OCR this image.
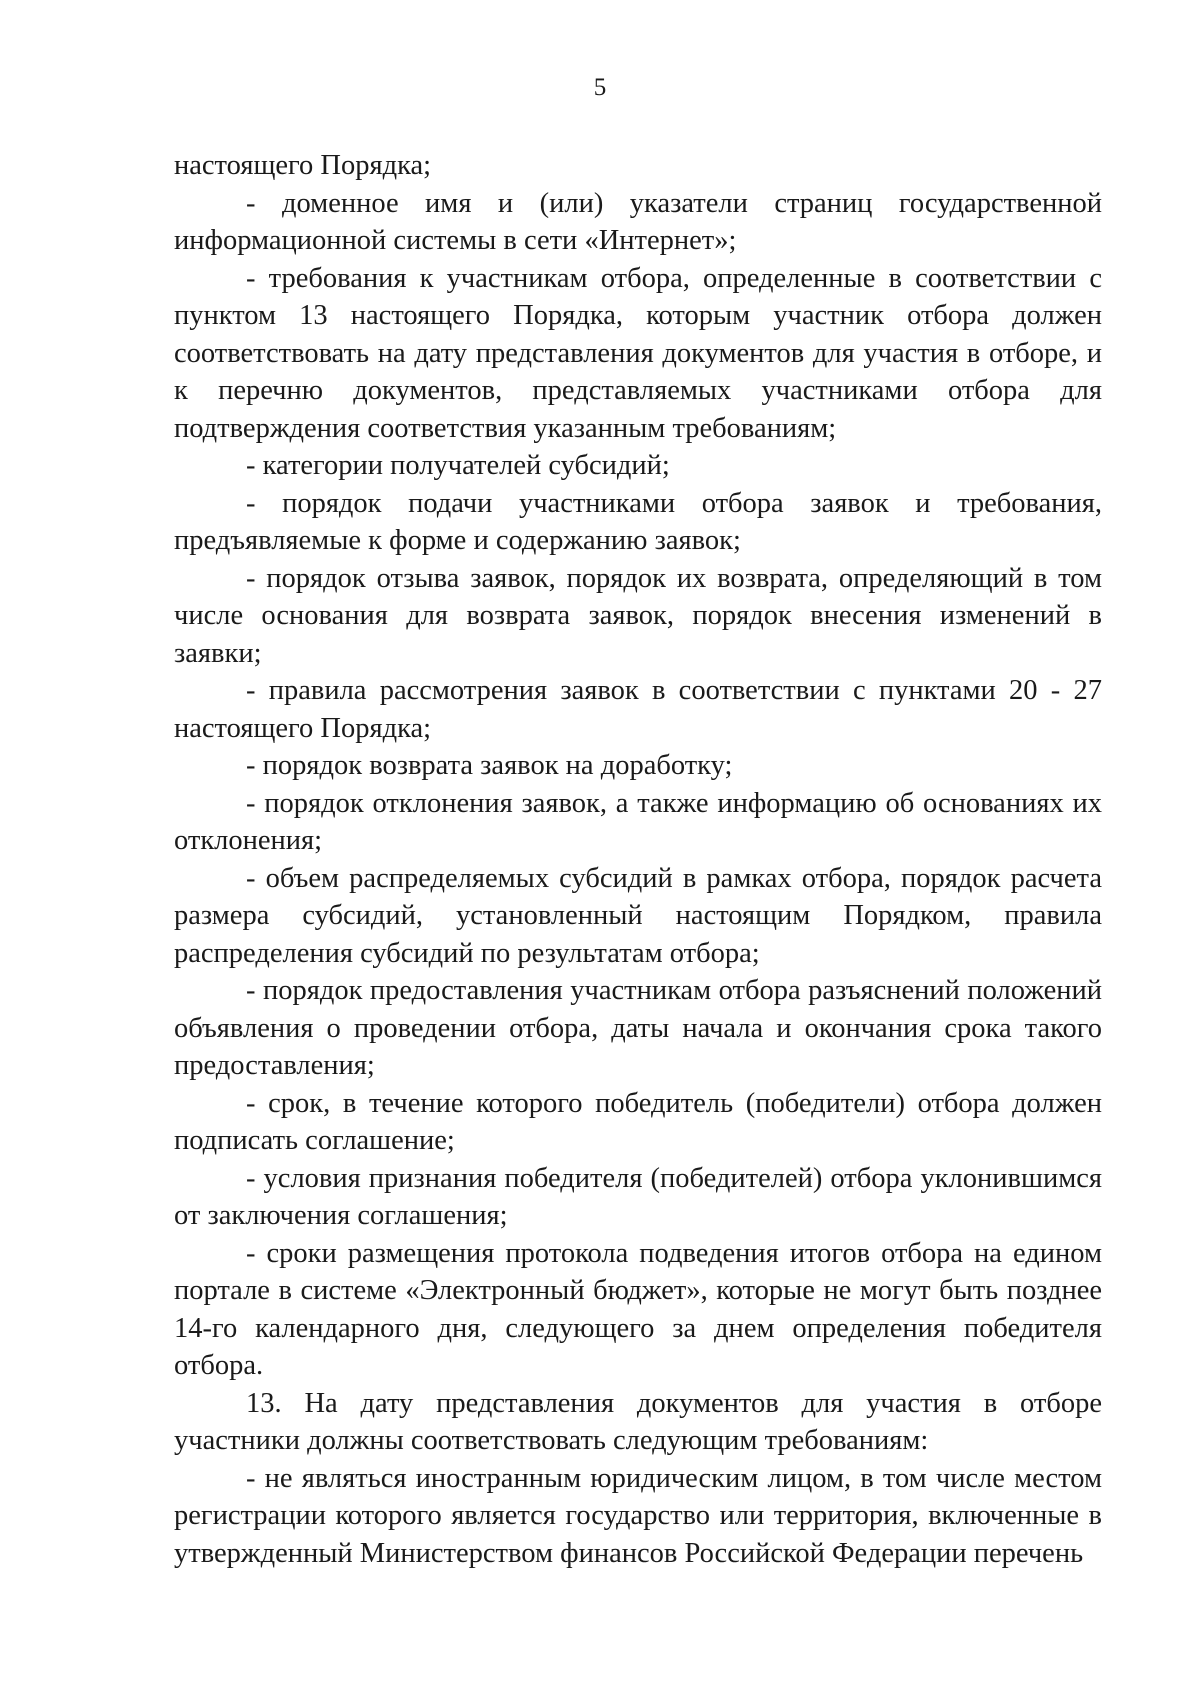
5

настоящего Порядка;

- доменное имя и (или) указатели страниц государственной информационной системы в сети «Интернет»;

- требования к участникам отбора, определенные в соответствии с пунктом 13 настоящего Порядка, которым участник отбора должен соответствовать на дату представления документов для участия в отборе, и к перечню документов, представляемых участниками отбора для подтверждения соответствия указанным требованиям;

- категории получателей субсидий;

- порядок подачи участниками отбора заявок и требования, предъявляемые к форме и содержанию заявок;

- порядок отзыва заявок, порядок их возврата, определяющий в том числе основания для возврата заявок, порядок внесения изменений в заявки;

- правила рассмотрения заявок в соответствии с пунктами 20 - 27 настоящего Порядка;

- порядок возврата заявок на доработку;

- порядок отклонения заявок, а также информацию об основаниях их отклонения;

- объем распределяемых субсидий в рамках отбора, порядок расчета размера субсидий, установленный настоящим Порядком, правила распределения субсидий по результатам отбора;

- порядок предоставления участникам отбора разъяснений положений объявления о проведении отбора, даты начала и окончания срока такого предоставления;

- срок, в течение которого победитель (победители) отбора должен подписать соглашение;

- условия признания победителя (победителей) отбора уклонившимся от заключения соглашения;

- сроки размещения протокола подведения итогов отбора на едином портале в системе «Электронный бюджет», которые не могут быть позднее 14-го календарного дня, следующего за днем определения победителя отбора.

13. На дату представления документов для участия в отборе участники должны соответствовать следующим требованиям:

- не являться иностранным юридическим лицом, в том числе местом регистрации которого является государство или территория, включенные в утвержденный Министерством финансов Российской Федерации перечень
